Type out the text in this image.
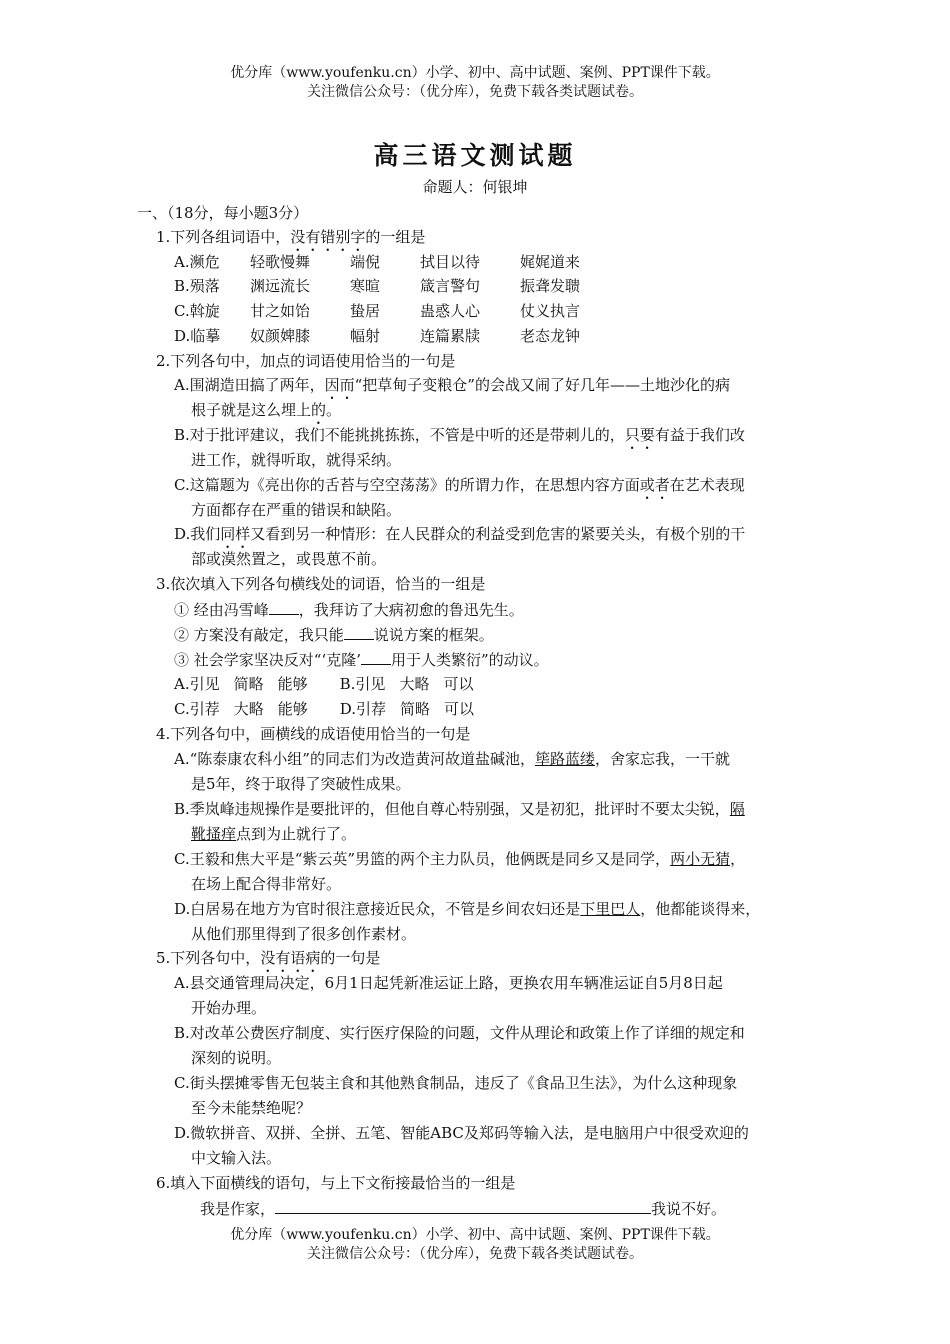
优分库（www.youfenku.cn）小学、初中、高中试题、案例、PPT课件下载。
关注微信公众号：（优分库），免费下载各类试题试卷。
高三语文测试题
命题人：何银坤
一、（18分，每小题3分）
1.下列各组词语中，没有错别字的一组是
A.濒危 轻歌慢舞	端倪	拭目以待	娓娓道来
B.殒落 渊远流长	寒暄	箴言警句	振聋发聩
C.斡旋 甘之如饴	蛰居	蛊惑人心	仗义执言
D.临摹 奴颜婢膝	幅射	连篇累牍	老态龙钟
2.下列各句中，加点的词语使用恰当的一句是
A.围湖造田搞了两年，因而“把草甸子变粮仓”的会战又闹了好几年——土地沙化的病
根子就是这么埋上的。
B.对于批评建议，我们不能挑挑拣拣，不管是中听的还是带刺儿的，只要有益于我们改
进工作，就得听取，就得采纳。
C.这篇题为《亮出你的舌苔与空空荡荡》的所谓力作，在思想内容方面或者在艺术表现
方面都存在严重的错误和缺陷。
D.我们同样又看到另一种情形：在人民群众的利益受到危害的紧要关头，有极个别的干
部或漠然置之，或畏葸不前。
3.依次填入下列各句横线处的词语，恰当的一组是
① 经由冯雪峰 ，我拜访了大病初愈的鲁迅先生。
② 方案没有敲定，我只能 说说方案的框架。
③ 社会学家坚决反对“‘克隆’ 用于人类繁衍”的动议。
A.引见 简略 能够 B.引见 大略 可以
C.引荐 大略 能够 D.引荐 简略 可以
4.下列各句中，画横线的成语使用恰当的一句是
A.“陈泰康农科小组”的同志们为改造黄河故道盐碱池，筚路蓝缕，舍家忘我，一干就
是5年，终于取得了突破性成果。
B.季岚峰违规操作是要批评的，但他自尊心特别强，又是初犯，批评时不要太尖锐，隔
靴搔痒点到为止就行了。
C.王毅和焦大平是“紫云英”男篮的两个主力队员，他俩既是同乡又是同学，两小无猜，
在场上配合得非常好。
D.白居易在地方为官时很注意接近民众，不管是乡间农妇还是下里巴人，他都能谈得来，
从他们那里得到了很多创作素材。
5.下列各句中，没有语病的一句是
A.县交通管理局决定，6月1日起凭新准运证上路，更换农用车辆准运证自5月8日起
开始办理。
B.对改革公费医疗制度、实行医疗保险的问题，文件从理论和政策上作了详细的规定和
深刻的说明。
C.街头摆摊零售无包装主食和其他熟食制品，违反了《食品卫生法》，为什么这种现象
至今未能禁绝呢？
D.微软拼音、双拼、全拼、五笔、智能ABC及郑码等输入法，是电脑用户中很受欢迎的
中文输入法。
6.填入下面横线的语句，与上下文衔接最恰当的一组是
我是作家，	我说不好。
优分库（www.youfenku.cn）小学、初中、高中试题、案例、PPT课件下载。
关注微信公众号：（优分库），免费下载各类试题试卷。
